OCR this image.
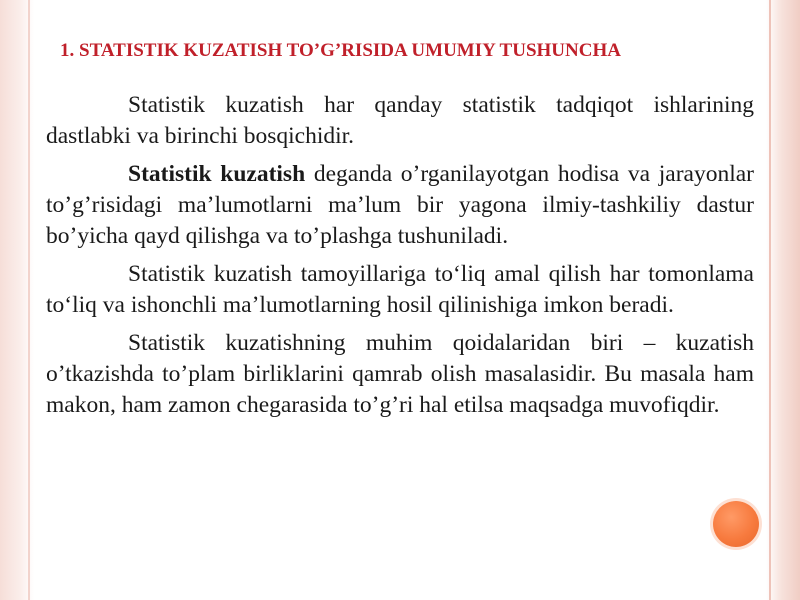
1. STATISTIK KUZATISH TO’G’RISIDA UMUMIY TUSHUNCHA

Statistik kuzatish har qanday statistik tadqiqot ishlarining dastlabki va birinchi bosqichidir.

Statistik kuzatish deganda o’rganilayotgan hodisa va jarayonlar to’g’risidagi ma’lumotlarni ma’lum bir yagona ilmiy-tashkiliy dastur bo’yicha qayd qilishga va to’plashga tushuniladi.

Statistik kuzatish tamoyillariga to‘liq amal qilish har tomonlama to‘liq va ishonchli ma’lumotlarning hosil qilinishiga imkon beradi.

Statistik kuzatishning muhim qoidalaridan biri – kuzatish o’tkazishda to’plam birliklarini qamrab olish masalasidir. Bu masala ham makon, ham zamon chegarasida to’g’ri hal etilsa maqsadga muvofiqdir.
